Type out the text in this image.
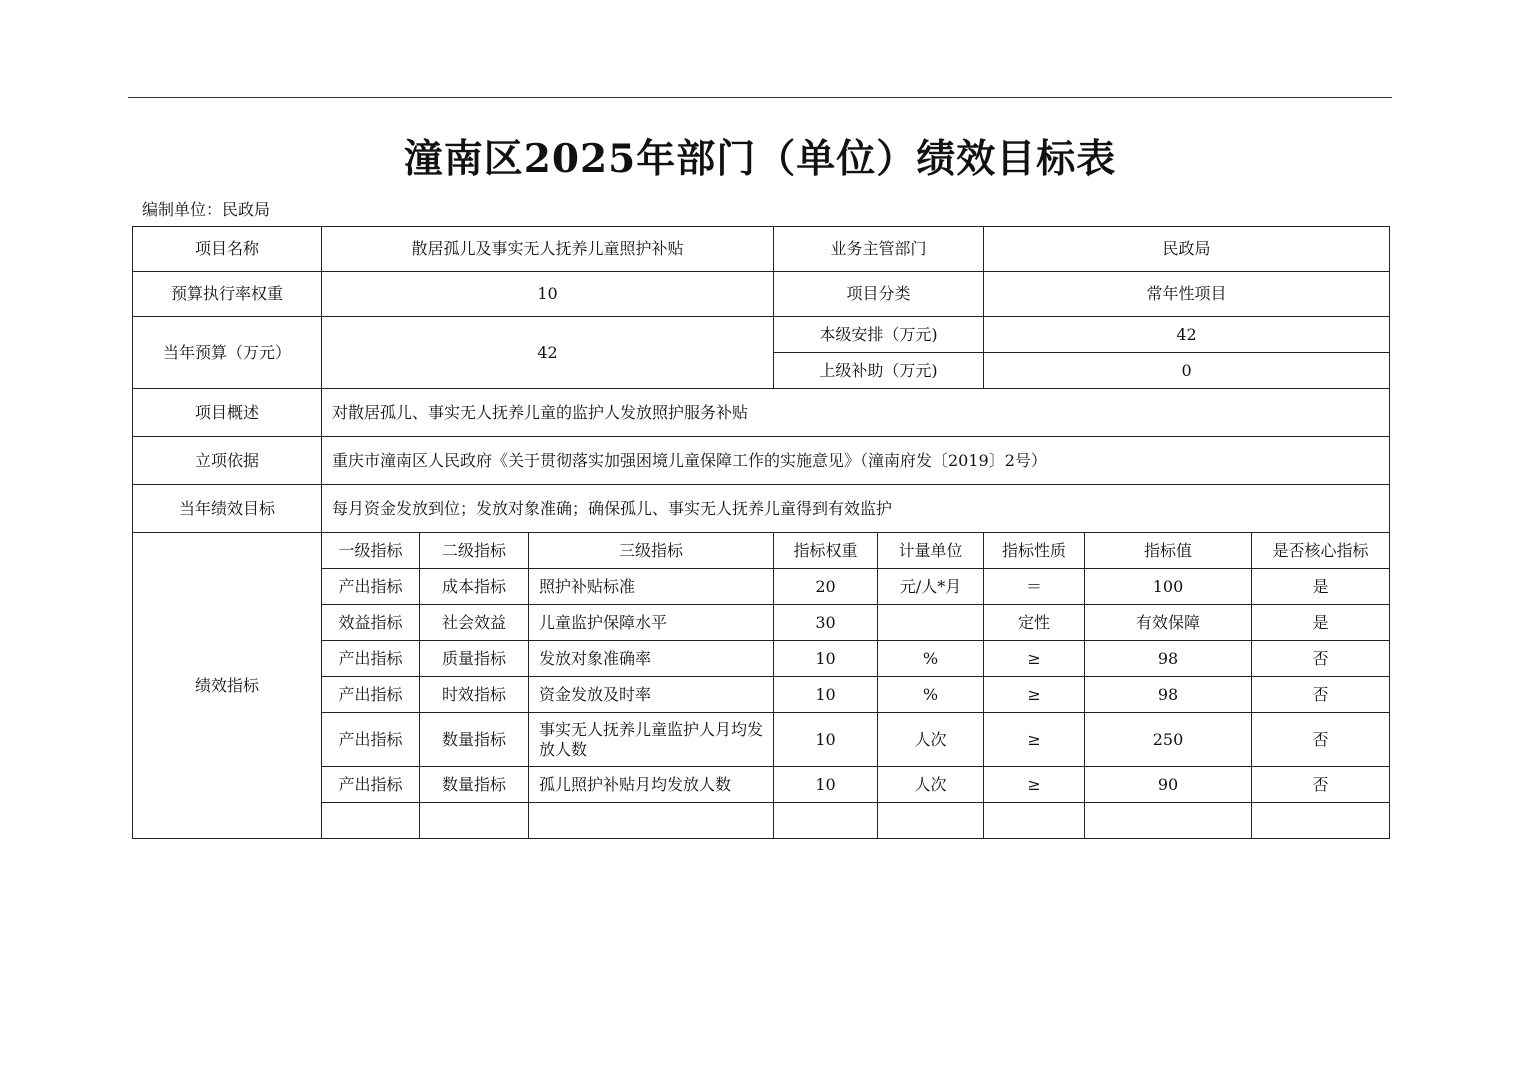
潼南区2025年部门（单位）绩效目标表
编制单位：民政局
项目名称	散居孤儿及事实无人抚养儿童照护补贴			业务主管部门		民政局		
预算执行率权重	10			项目分类		常年性项目		
当年预算（万元）	42			本级安排（万元)		42		
				上级补助（万元)		0		
项目概述	对散居孤儿、事实无人抚养儿童的监护人发放照护服务补贴							
立项依据	重庆市潼南区人民政府《关于贯彻落实加强困境儿童保障工作的实施意见》（潼南府发〔2019〕2号）							
当年绩效目标	每月资金发放到位；发放对象准确；确保孤儿、事实无人抚养儿童得到有效监护							
绩效指标	一级指标	二级指标	三级指标	指标权重	计量单位	指标性质	指标值	是否核心指标
	产出指标	成本指标	照护补贴标准	20	元/人*月	＝	100	是
	效益指标	社会效益	儿童监护保障水平	30		定性	有效保障	是
	产出指标	质量指标	发放对象准确率	10	%	≥	98	否
	产出指标	时效指标	资金发放及时率	10	%	≥	98	否
	产出指标	数量指标	事实无人抚养儿童监护人月均发放人数	10	人次	≥	250	否
	产出指标	数量指标	孤儿照护补贴月均发放人数	10	人次	≥	90	否
